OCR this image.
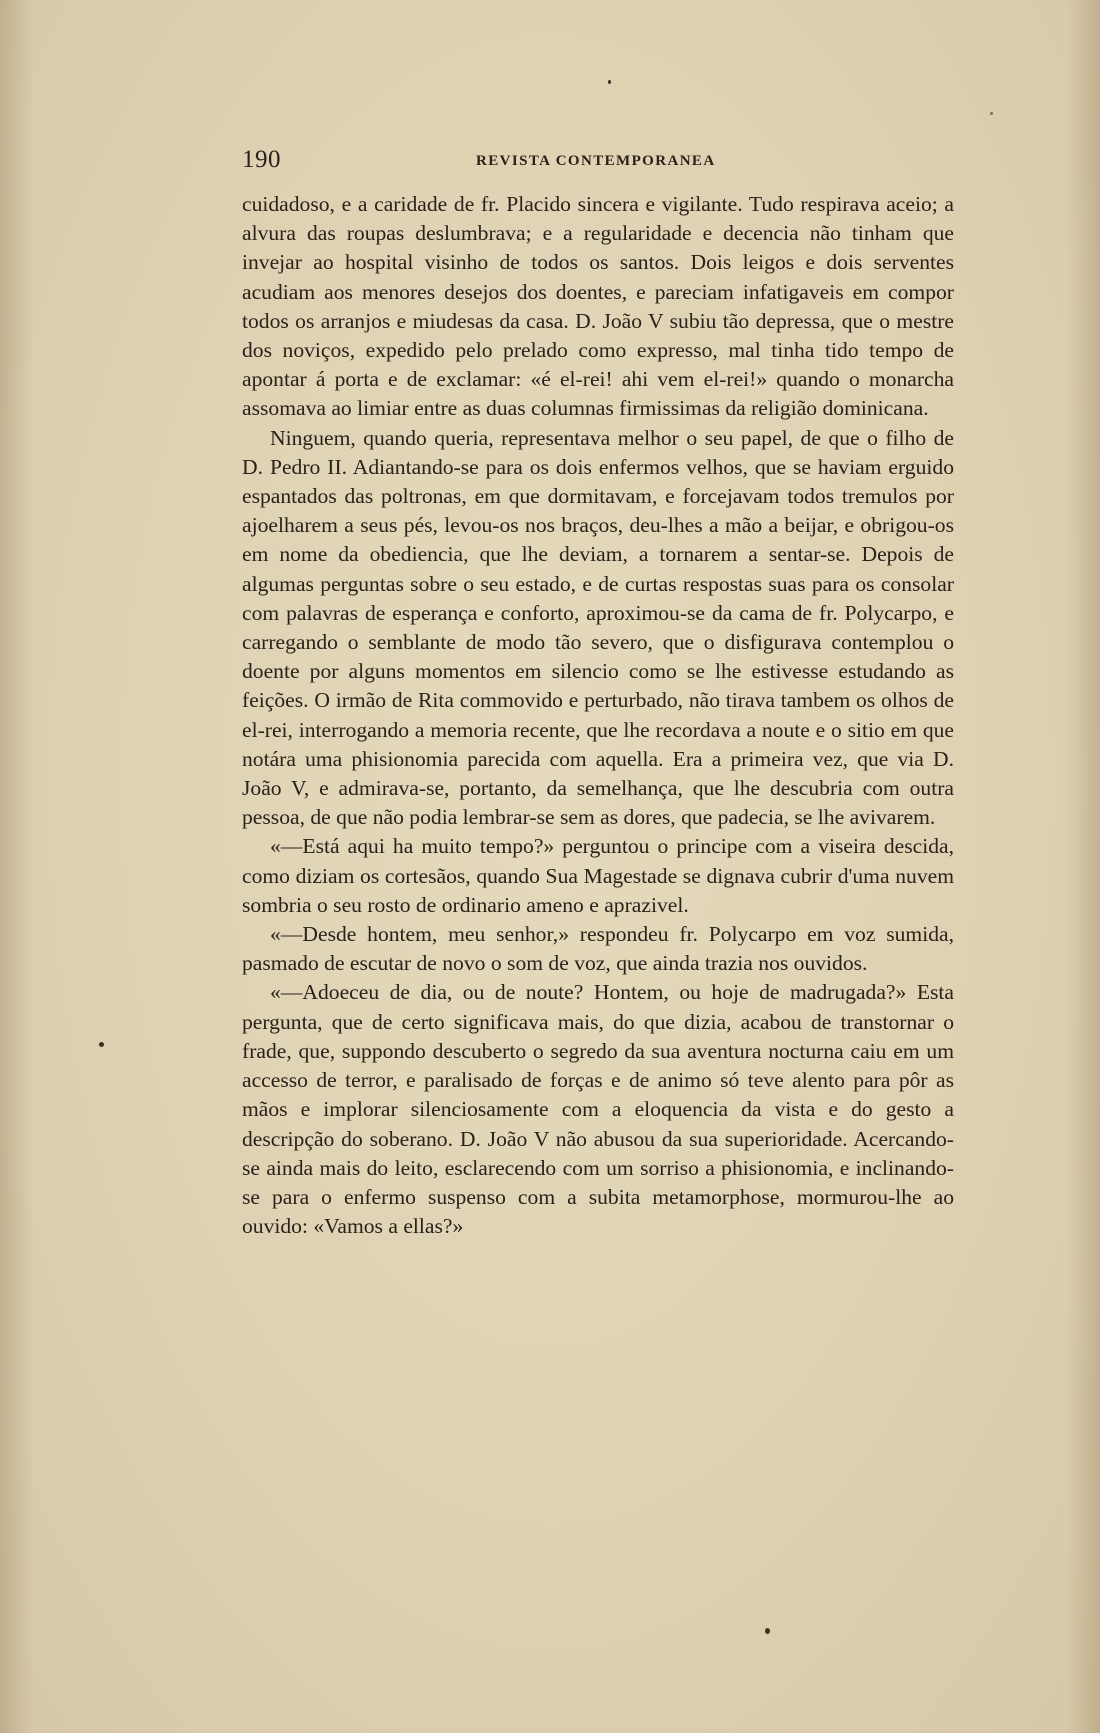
190	REVISTA CONTEMPORANEA

cuidadoso, e a caridade de fr. Placido sincera e vigilante. Tudo respirava aceio; a alvura das roupas deslumbrava; e a regularidade e decencia não tinham que invejar ao hospital visinho de todos os santos. Dois leigos e dois serventes acudiam aos menores desejos dos doentes, e pareciam infatigaveis em compor todos os arranjos e miudesas da casa. D. João V subiu tão depressa, que o mestre dos noviços, expedido pelo prelado como expresso, mal tinha tido tempo de apontar á porta e de exclamar: «é el-rei! ahi vem el-rei!» quando o monarcha assomava ao limiar entre as duas columnas firmissimas da religião dominicana.

Ninguem, quando queria, representava melhor o seu papel, de que o filho de D. Pedro II. Adiantando-se para os dois enfermos velhos, que se haviam erguido espantados das poltronas, em que dormitavam, e forcejavam todos tremulos por ajoelharem a seus pés, levou-os nos braços, deu-lhes a mão a beijar, e obrigou-os em nome da obediencia, que lhe deviam, a tornarem a sentar-se. Depois de algumas perguntas sobre o seu estado, e de curtas respostas suas para os consolar com palavras de esperança e conforto, aproximou-se da cama de fr. Polycarpo, e carregando o semblante de modo tão severo, que o disfigurava contemplou o doente por alguns momentos em silencio como se lhe estivesse estudando as feições. O irmão de Rita commovido e perturbado, não tirava tambem os olhos de el-rei, interrogando a memoria recente, que lhe recordava a noute e o sitio em que notára uma phisionomia parecida com aquella. Era a primeira vez, que via D. João V, e admirava-se, portanto, da semelhança, que lhe descubria com outra pessoa, de que não podia lembrar-se sem as dores, que padecia, se lhe avivarem.

«—Está aqui ha muito tempo?» perguntou o principe com a viseira descida, como diziam os cortesãos, quando Sua Magestade se dignava cubrir d'uma nuvem sombria o seu rosto de ordinario ameno e aprazivel.

«—Desde hontem, meu senhor,» respondeu fr. Polycarpo em voz sumida, pasmado de escutar de novo o som de voz, que ainda trazia nos ouvidos.

«—Adoeceu de dia, ou de noute? Hontem, ou hoje de madrugada?» Esta pergunta, que de certo significava mais, do que dizia, acabou de transtornar o frade, que, suppondo descuberto o segredo da sua aventura nocturna caiu em um accesso de terror, e paralisado de forças e de animo só teve alento para pôr as mãos e implorar silenciosamente com a eloquencia da vista e do gesto a descripção do soberano. D. João V não abusou da sua superioridade. Acercando-se ainda mais do leito, esclarecendo com um sorriso a phisionomia, e inclinando-se para o enfermo suspenso com a subita metamorphose, mormurou-lhe ao ouvido: «Vamos a ellas?»
